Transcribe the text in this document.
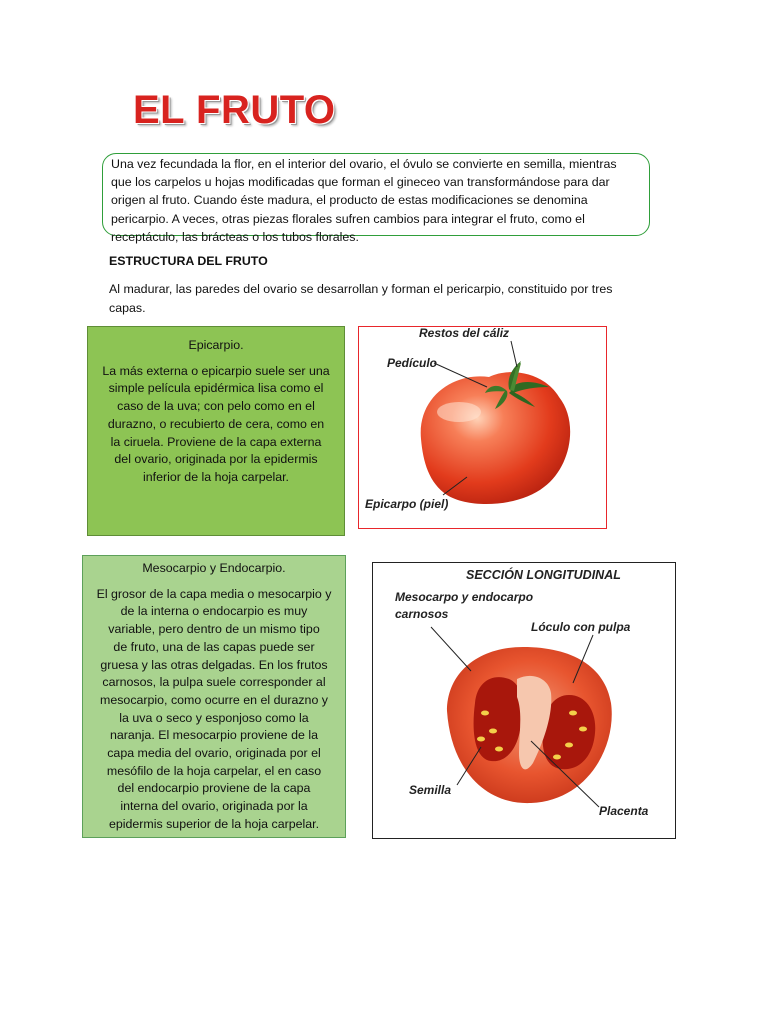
EL FRUTO
Una vez fecundada la flor, en el interior del ovario, el óvulo se convierte en semilla, mientras
que los carpelos u hojas modificadas que forman el gineceo van transformándose para dar
origen al fruto. Cuando éste madura, el producto de estas modificaciones se denomina
pericarpio. A veces, otras piezas florales sufren cambios para integrar el fruto, como el
receptáculo, las brácteas o los tubos florales.
ESTRUCTURA DEL FRUTO
Al madurar, las paredes del ovario se desarrollan y forman el pericarpio, constituido por tres
capas.
Epicarpio.

La más externa o epicarpio suele ser una
simple película epidérmica lisa como el
caso de la uva; con pelo como en el
durazno, o recubierto de cera, como en
la ciruela. Proviene de la capa externa
del ovario, originada por la epidermis
inferior de la hoja carpelar.

Restos del cáliz
Pedículo
Epicarpo (piel)
Mesocarpio y Endocarpio.

El grosor de la capa media o mesocarpio y
de la interna o endocarpio es muy
variable, pero dentro de un mismo tipo
de fruto, una de las capas puede ser
gruesa y las otras delgadas. En los frutos
carnosos, la pulpa suele corresponder al
mesocarpio, como ocurre en el durazno y
la uva o seco y esponjoso como la
naranja. El mesocarpio proviene de la
capa media del ovario, originada por el
mesófilo de la hoja carpelar, el en caso
del endocarpio proviene de la capa
interna del ovario, originada por la
epidermis superior de la hoja carpelar.

SECCIÓN LONGITUDINAL
Mesocarpo y endocarpo
carnosos
Lóculo con pulpa
Semilla
Placenta
